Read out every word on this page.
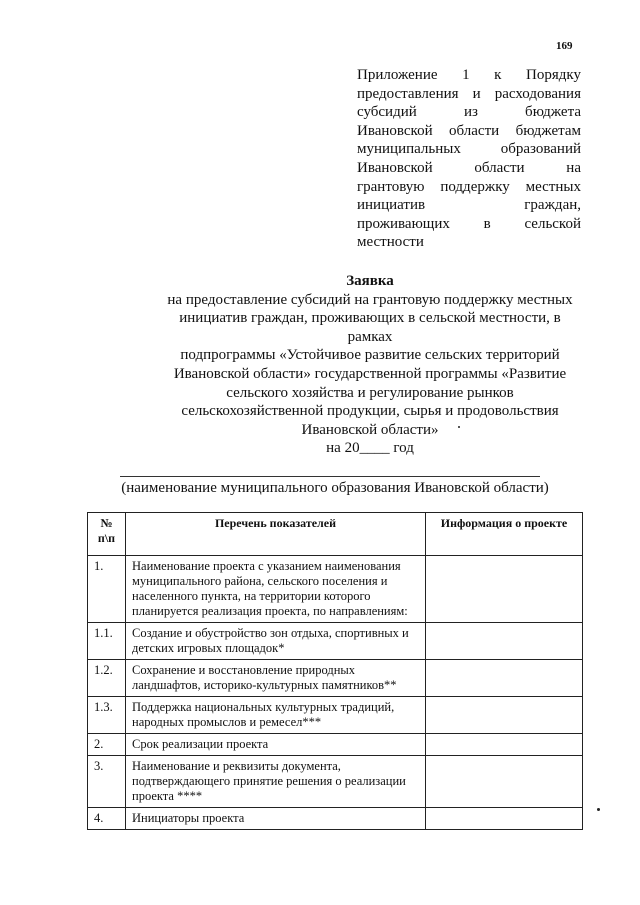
169
Приложение 1 к Порядку
предоставления и расходования
субсидий из бюджета
Ивановской области бюджетам
муниципальных образований
Ивановской области на
грантовую поддержку местных
инициатив граждан,
проживающих в сельской
местности
Заявка
на предоставление субсидий на грантовую поддержку местных
инициатив граждан, проживающих в сельской местности, в
рамках
подпрограммы «Устойчивое развитие сельских территорий
Ивановской области» государственной программы «Развитие
сельского хозяйства и регулирование рынков
сельскохозяйственной продукции, сырья и продовольствия
Ивановской области»
на 20____ год
(наименование муниципального образования Ивановской области)
№ п\п	Перечень показателей	Информация о проекте
1.	Наименование проекта с указанием наименования муниципального района, сельского поселения и населенного пункта, на территории которого планируется реализация проекта, по направлениям:	
1.1.	Создание и обустройство зон отдыха, спортивных и детских игровых площадок*	
1.2.	Сохранение и восстановление природных ландшафтов, историко-культурных памятников**	
1.3.	Поддержка национальных культурных традиций, народных промыслов и ремесел***	
2.	Срок реализации проекта	
3.	Наименование и реквизиты документа, подтверждающего принятие решения о реализации проекта ****	
4.	Инициаторы проекта	
